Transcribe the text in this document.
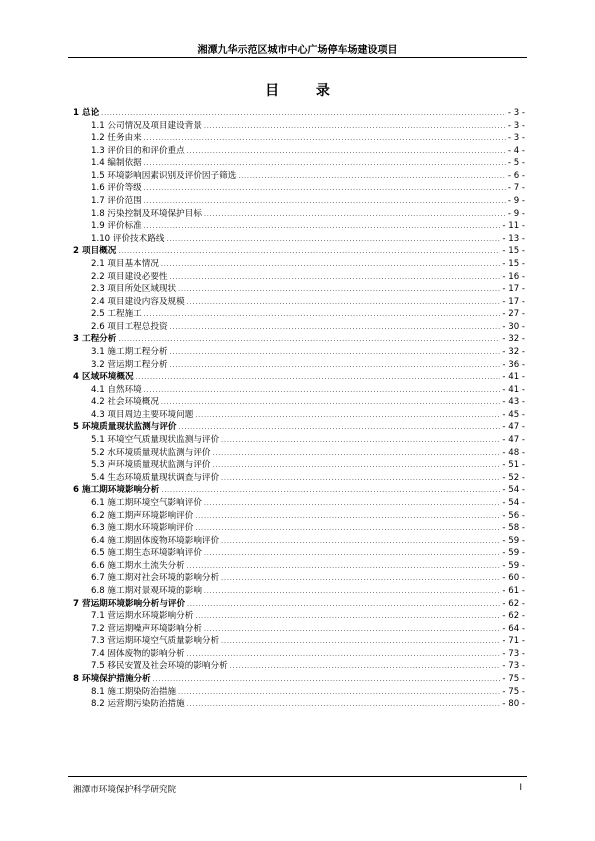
湘潭九华示范区城市中心广场停车场建设项目
目 录
1 总论 .....	- 3 -
1.1 公司情况及项目建设背景 .....	- 3 -
1.2 任务由来 .....	- 3 -
1.3 评价目的和评价重点 .....	- 4 -
1.4 编制依据 .....	- 5 -
1.5 环境影响因素识别及评价因子筛选 .....	- 6 -
1.6 评价等级 .....	- 7 -
1.7 评价范围 .....	- 9 -
1.8 污染控制及环境保护目标 .....	- 9 -
1.9 评价标准 .....	- 11 -
1.10 评价技术路线 .....	- 13 -
2 项目概况 .....	- 15 -
2.1 项目基本情况 .....	- 15 -
2.2 项目建设必要性 .....	- 16 -
2.3 项目所处区域现状 .....	- 17 -
2.4 项目建设内容及规模 .....	- 17 -
2.5 工程施工 .....	- 27 -
2.6 项目工程总投资 .....	- 30 -
3 工程分析 .....	- 32 -
3.1 施工期工程分析 .....	- 32 -
3.2 营运期工程分析 .....	- 36 -
4 区域环境概况 .....	- 41 -
4.1 自然环境 .....	- 41 -
4.2 社会环境概况 .....	- 43 -
4.3 项目周边主要环境问题 .....	- 45 -
5 环境质量现状监测与评价 .....	- 47 -
5.1 环境空气质量现状监测与评价 .....	- 47 -
5.2 水环境质量现状监测与评价 .....	- 48 -
5.3 声环境质量现状监测与评价 .....	- 51 -
5.4 生态环境质量现状调查与评价 .....	- 52 -
6 施工期环境影响分析 .....	- 54 -
6.1 施工期环境空气影响评价 .....	- 54 -
6.2 施工期声环境影响评价 .....	- 56 -
6.3 施工期水环境影响评价 .....	- 58 -
6.4 施工期固体废物环境影响评价 .....	- 59 -
6.5 施工期生态环境影响评价 .....	- 59 -
6.6 施工期水土流失分析 .....	- 59 -
6.7 施工期对社会环境的影响分析 .....	- 60 -
6.8 施工期对景观环境的影响 .....	- 61 -
7 营运期环境影响分析与评价 .....	- 62 -
7.1 营运期水环境影响分析 .....	- 62 -
7.2 营运期噪声环境影响分析 .....	- 64 -
7.3 营运期环境空气质量影响分析 .....	- 71 -
7.4 固体废物的影响分析 .....	- 73 -
7.5 移民安置及社会环境的影响分析 .....	- 73 -
8 环境保护措施分析 .....	- 75 -
8.1 施工期染防治措施 .....	- 75 -
8.2 运营期污染防治措施 .....	- 80 -
湘潭市环境保护科学研究院	I
